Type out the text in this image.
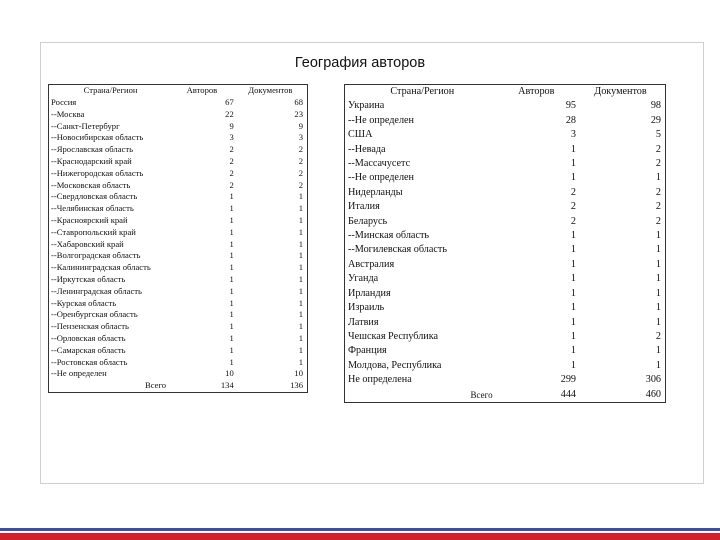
География авторов
Страна/Регион	Авторов	Документов
Россия	67	68
--Москва	22	23
--Санкт-Петербург	9	9
--Новосибирская область	3	3
--Ярославская область	2	2
--Краснодарский край	2	2
--Нижегородская область	2	2
--Московская область	2	2
--Свердловская область	1	1
--Челябинская область	1	1
--Красноярский край	1	1
--Ставропольский край	1	1
--Хабаровский край	1	1
--Волгоградская область	1	1
--Калининградская область	1	1
--Иркутская область	1	1
--Ленинградская область	1	1
--Курская область	1	1
--Оренбургская область	1	1
--Пензенская область	1	1
--Орловская область	1	1
--Самарская область	1	1
--Ростовская область	1	1
--Не определен	10	10
Всего	134	136
Страна/Регион	Авторов	Документов
Украина	95	98
--Не определен	28	29
США	3	5
--Невада	1	2
--Массачусетс	1	2
--Не определен	1	1
Нидерланды	2	2
Италия	2	2
Беларусь	2	2
--Минская область	1	1
--Могилевская область	1	1
Австралия	1	1
Уганда	1	1
Ирландия	1	1
Израиль	1	1
Латвия	1	1
Чешская Республика	1	2
Франция	1	1
Молдова, Республика	1	1
Не определена	299	306
Всего	444	460
